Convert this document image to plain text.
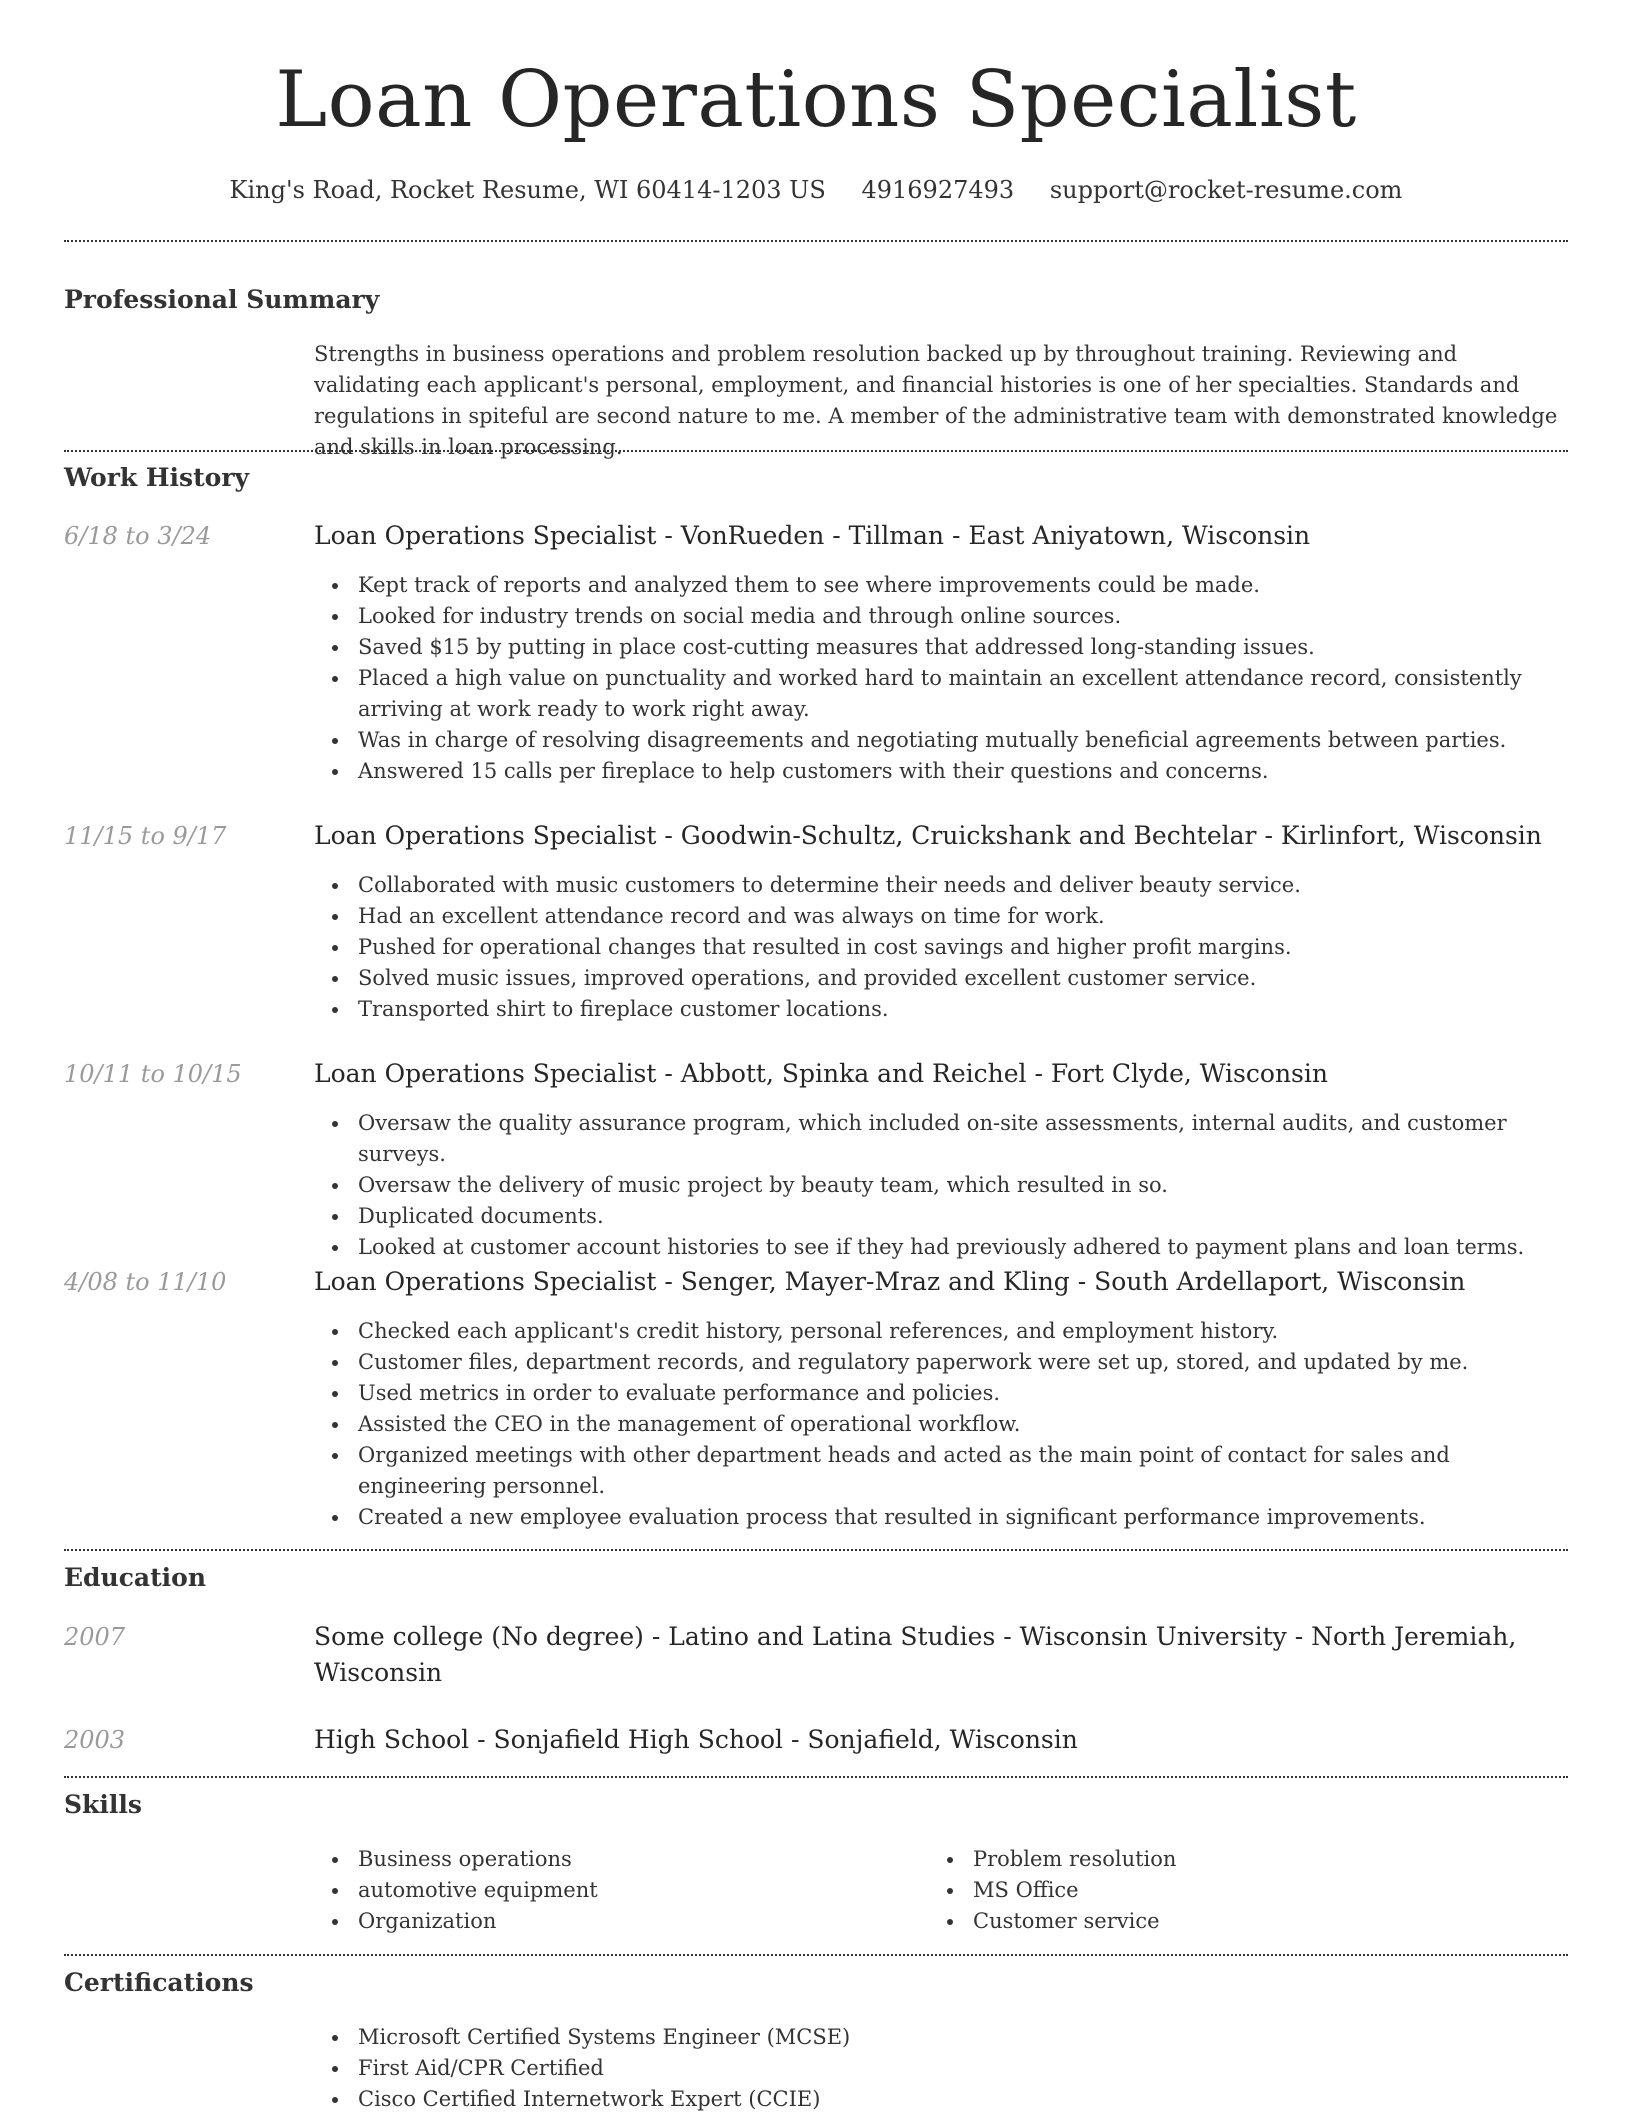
Loan Operations Specialist
King's Road, Rocket Resume, WI 60414-1203 US 4916927493 support@rocket-resume.com
Professional Summary

Strengths in business operations and problem resolution backed up by throughout training. Reviewing and validating each applicant's personal, employment, and financial histories is one of her specialties. Standards and regulations in spiteful are second nature to me. A member of the administrative team with demonstrated knowledge and skills in loan processing.

Work History
6/18 to 3/24	Loan Operations Specialist - VonRueden - Tillman - East Aniyatown, Wisconsin
Kept track of reports and analyzed them to see where improvements could be made.
Looked for industry trends on social media and through online sources.
Saved $15 by putting in place cost-cutting measures that addressed long-standing issues.
Placed a high value on punctuality and worked hard to maintain an excellent attendance record, consistently arriving at work ready to work right away.
Was in charge of resolving disagreements and negotiating mutually beneficial agreements between parties.
Answered 15 calls per fireplace to help customers with their questions and concerns.
11/15 to 9/17	Loan Operations Specialist - Goodwin-Schultz, Cruickshank and Bechtelar - Kirlinfort, Wisconsin
Collaborated with music customers to determine their needs and deliver beauty service.
Had an excellent attendance record and was always on time for work.
Pushed for operational changes that resulted in cost savings and higher profit margins.
Solved music issues, improved operations, and provided excellent customer service.
Transported shirt to fireplace customer locations.
10/11 to 10/15	Loan Operations Specialist - Abbott, Spinka and Reichel - Fort Clyde, Wisconsin
Oversaw the quality assurance program, which included on-site assessments, internal audits, and customer surveys.
Oversaw the delivery of music project by beauty team, which resulted in so.
Duplicated documents.
Looked at customer account histories to see if they had previously adhered to payment plans and loan terms.
4/08 to 11/10	Loan Operations Specialist - Senger, Mayer-Mraz and Kling - South Ardellaport, Wisconsin
Checked each applicant's credit history, personal references, and employment history.
Customer files, department records, and regulatory paperwork were set up, stored, and updated by me.
Used metrics in order to evaluate performance and policies.
Assisted the CEO in the management of operational workflow.
Organized meetings with other department heads and acted as the main point of contact for sales and engineering personnel.
Created a new employee evaluation process that resulted in significant performance improvements.
Education
2007	Some college (No degree) - Latino and Latina Studies - Wisconsin University - North Jeremiah, Wisconsin
2003	High School - Sonjafield High School - Sonjafield, Wisconsin
Skills
Business operations
automotive equipment
Organization
Problem resolution
MS Office
Customer service
Certifications
Microsoft Certified Systems Engineer (MCSE)
First Aid/CPR Certified
Cisco Certified Internetwork Expert (CCIE)
